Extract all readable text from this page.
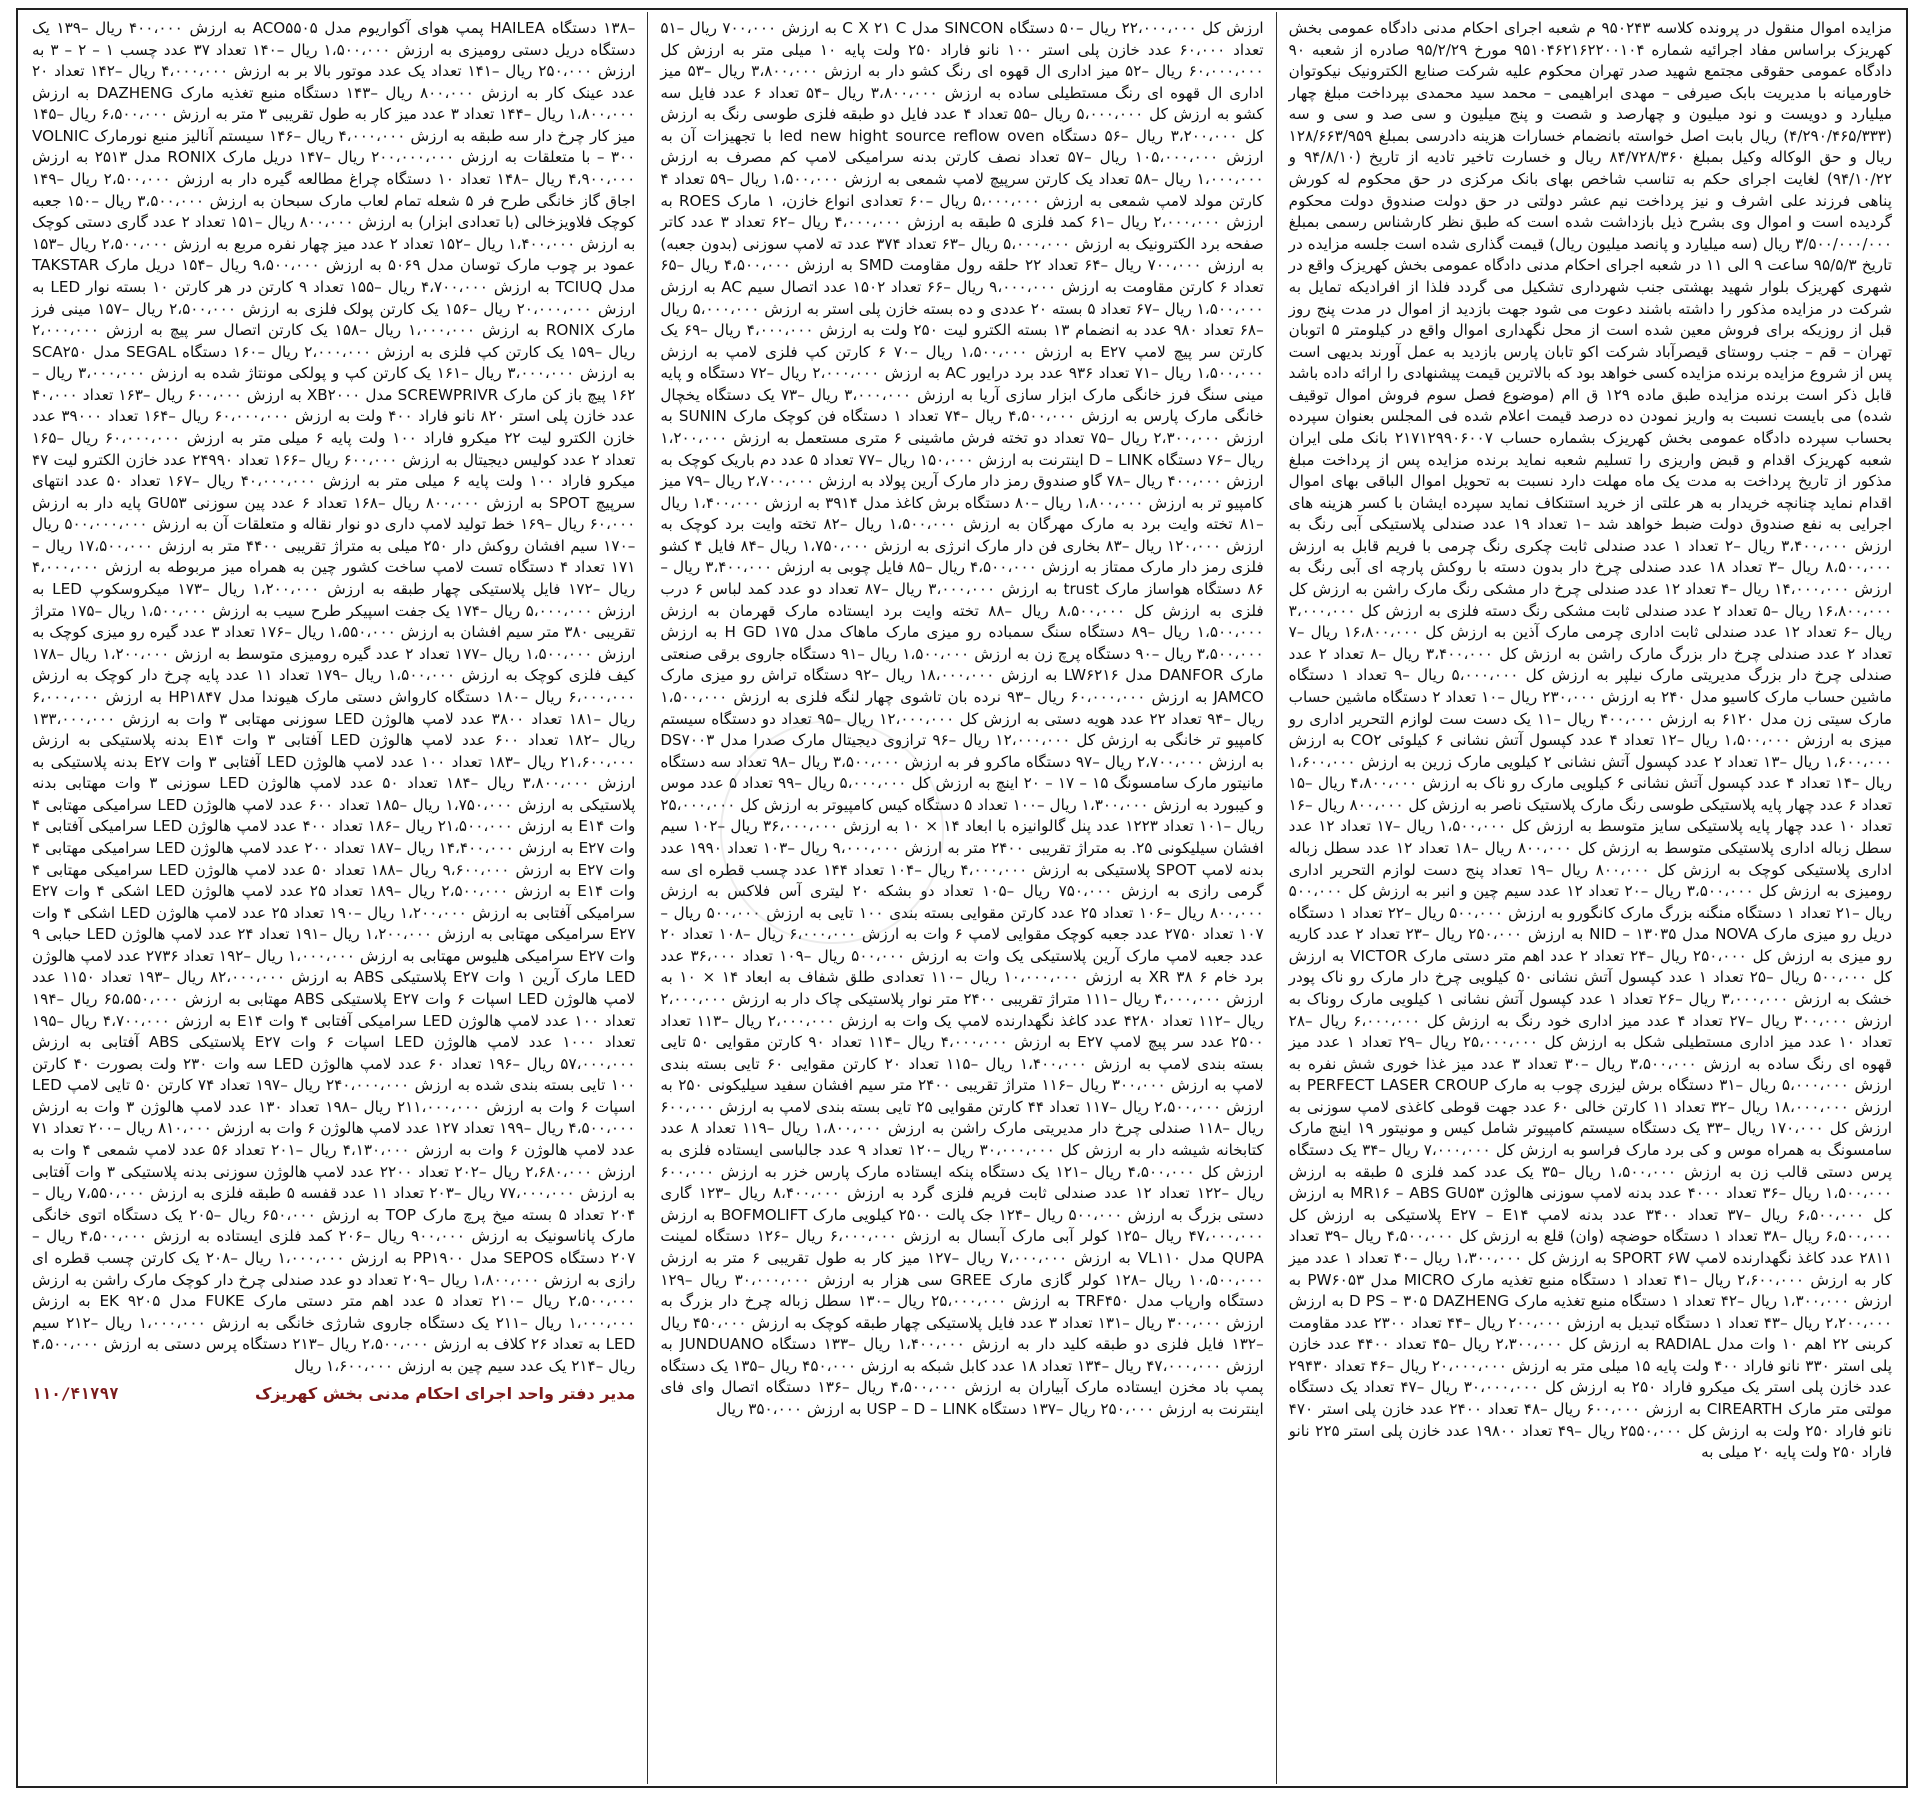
مزایده اموال منقول در پرونده کلاسه ۹۵۰۲۴۳ م شعبه اجرای احکام مدنی دادگاه عمومی بخش کهریزک براساس مفاد اجرائیه شماره ۹۵۱۰۴۶۲۱۶۲۲۰۰۱۰۴ مورخ ۹۵/۲/۲۹ صادره از شعبه ۹۰ دادگاه عمومی حقوقی مجتمع شهید صدر تهران محکوم علیه شرکت صنایع الکترونیک نیکوتوان خاورمیانه با مدیریت بابک صیرفی – مهدی ابراهیمی – محمد سید محمدی بپرداخت مبلغ چهار میلیارد و دویست و نود میلیون و چهارصد و شصت و پنج میلیون و سی صد و سی و سه (۴/۲۹۰/۴۶۵/۳۳۳) ریال بابت اصل خواسته بانضمام خسارات هزینه دادرسی بمبلغ ۱۲۸/۶۶۳/۹۵۹ ریال و حق الوکاله وکیل بمبلغ ۸۴/۷۲۸/۳۶۰ ریال و خسارت تاخیر تادیه از تاریخ (۹۴/۸/۱۰ و ۹۴/۱۰/۲۲) لغایت اجرای حکم به تناسب شاخص بهای بانک مرکزی در حق محکوم له کورش پناهی فرزند علی اشرف و نیز پرداخت نیم عشر دولتی در حق دولت صندوق دولت محکوم گردیده است و اموال وی بشرح ذیل بازداشت شده است که طبق نظر کارشناس رسمی بمبلغ ۳/۵۰۰/۰۰۰/۰۰۰ ریال (سه میلیارد و پانصد میلیون ریال) قیمت گذاری شده است جلسه مزایده در تاریخ ۹۵/۵/۳ ساعت ۹ الی ۱۱ در شعبه اجرای احکام مدنی دادگاه عمومی بخش کهریزک واقع در شهری کهریزک بلوار شهید بهشتی جنب شهرداری تشکیل می گردد فلذا از افرادیکه تمایل به شرکت در مزایده مذکور را داشته باشند دعوت می شود جهت بازدید از اموال در مدت پنج روز قبل از روزیکه برای فروش معین شده است از محل نگهداری اموال واقع در کیلومتر ۵ اتوبان تهران – قم – جنب روستای قیصرآباد شرکت اکو تابان پارس بازدید به عمل آورند بدیهی است پس از شروع مزایده برنده مزایده کسی خواهد بود که بالاترین قیمت پیشنهادی را ارائه داده باشد قابل ذکر است برنده مزایده طبق ماده ۱۲۹ ق اام (موضوع فصل سوم فروش اموال توقیف شده) می بایست نسبت به واریز نمودن ده درصد قیمت اعلام شده فی المجلس بعنوان سپرده بحساب سپرده دادگاه عمومی بخش کهریزک بشماره حساب ۲۱۷۱۲۹۹۰۶۰۰۷ بانک ملی ایران شعبه کهریزک اقدام و قبض واریزی را تسلیم شعبه نماید برنده مزایده پس از پرداخت مبلغ مذکور از تاریخ پرداخت به مدت یک ماه مهلت دارد نسبت به تحویل اموال الباقی بهای اموال اقدام نماید چنانچه خریدار به هر علتی از خرید استنکاف نماید سپرده ایشان با کسر هزینه های اجرایی به نفع صندوق دولت ضبط خواهد شد –۱ تعداد ۱۹ عدد صندلی پلاستیکی آبی رنگ به ارزش ۳،۴۰۰،۰۰۰ ریال –۲ تعداد ۱ عدد صندلی ثابت چکری رنگ چرمی با فریم قابل به ارزش ۸،۵۰۰،۰۰۰ ریال –۳ تعداد ۱۸ عدد صندلی چرخ دار بدون دسته با روکش پارچه ای آبی رنگ به ارزش ۱۴،۰۰۰،۰۰۰ ریال –۴ تعداد ۱۲ عدد صندلی چرخ دار مشکی رنگ مارک راشن به ارزش کل ۱۶،۸۰۰،۰۰۰ ریال –۵ تعداد ۲ عدد صندلی ثابت مشکی رنگ دسته فلزی به ارزش کل ۳،۰۰۰،۰۰۰ ریال –۶ تعداد ۱۲ عدد صندلی ثابت اداری چرمی مارک آذین به ارزش کل ۱۶،۸۰۰،۰۰۰ ریال –۷ تعداد ۲ عدد صندلی چرخ دار بزرگ مارک راشن به ارزش کل ۳،۴۰۰،۰۰۰ ریال –۸ تعداد ۲ عدد صندلی چرخ دار بزرگ مدیریتی مارک نیلپر به ارزش کل ۵،۰۰۰،۰۰۰ ریال –۹ تعداد ۱ دستگاه ماشین حساب مارک کاسیو مدل ۲۴۰ به ارزش ۲۳۰،۰۰۰ ریال –۱۰ تعداد ۲ دستگاه ماشین حساب مارک سیتی زن مدل ۶۱۲۰ به ارزش ۴۰۰،۰۰۰ ریال –۱۱ یک دست ست لوازم التحریر اداری رو میزی به ارزش ۱،۵۰۰،۰۰۰ ریال –۱۲ تعداد ۴ عدد کپسول آتش نشانی ۶ کیلوئی CO۲ به ارزش ۱،۶۰۰،۰۰۰ ریال –۱۳ تعداد ۲ عدد کپسول آتش نشانی ۲ کیلویی مارک زرین به ارزش ۱،۶۰۰،۰۰۰ ریال –۱۴ تعداد ۴ عدد کپسول آتش نشانی ۶ کیلویی مارک رو ناک به ارزش ۴،۸۰۰،۰۰۰ ریال –۱۵ تعداد ۶ عدد چهار پایه پلاستیکی طوسی رنگ مارک پلاستیک ناصر به ارزش کل ۸۰۰،۰۰۰ ریال –۱۶ تعداد ۱۰ عدد چهار پایه پلاستیکی سایز متوسط به ارزش کل ۱،۵۰۰،۰۰۰ ریال –۱۷ تعداد ۱۲ عدد سطل زباله اداری پلاستیکی متوسط به ارزش کل ۸۰۰،۰۰۰ ریال –۱۸ تعداد ۱۲ عدد سطل زباله اداری پلاستیکی کوچک به ارزش کل ۸۰۰،۰۰۰ ریال –۱۹ تعداد پنج دست لوازم التحریر اداری رومیزی به ارزش کل ۳،۵۰۰،۰۰۰ ریال –۲۰ تعداد ۱۲ عدد سیم چین و انبر به ارزش کل ۵۰۰،۰۰۰ ریال –۲۱ تعداد ۱ دستگاه منگنه بزرگ مارک کانگورو به ارزش ۵۰۰،۰۰۰ ریال –۲۲ تعداد ۱ دستگاه دریل رو میزی مارک NOVA مدل NID – ۱۳۰۳۵ به ارزش ۲۵۰،۰۰۰ ریال –۲۳ تعداد ۲ عدد کاریه رو میزی به ارزش کل ۲۵۰،۰۰۰ ریال –۲۴ تعداد ۲ عدد اهم متر دستی مارک VICTOR به ارزش کل ۵۰۰،۰۰۰ ریال –۲۵ تعداد ۱ عدد کپسول آتش نشانی ۵۰ کیلویی چرخ دار مارک رو ناک پودر خشک به ارزش ۳،۰۰۰،۰۰۰ ریال –۲۶ تعداد ۱ عدد کپسول آتش نشانی ۱ کیلویی مارک روناک به ارزش ۳۰۰،۰۰۰ ریال –۲۷ تعداد ۴ عدد میز اداری خود رنگ به ارزش کل ۶،۰۰۰،۰۰۰ ریال –۲۸ تعداد ۱۰ عدد میز اداری مستطیلی شکل به ارزش کل ۲۵،۰۰۰،۰۰۰ ریال –۲۹ تعداد ۱ عدد میز قهوه ای رنگ ساده به ارزش ۳،۵۰۰،۰۰۰ ریال –۳۰ تعداد ۳ عدد میز غذا خوری شش نفره به ارزش ۵،۰۰۰،۰۰۰ ریال –۳۱ دستگاه برش لیزری چوب به مارک PERFECT LASER CROUP به ارزش ۱۸،۰۰۰،۰۰۰ ریال –۳۲ تعداد ۱۱ کارتن خالی ۶۰ عدد جهت قوطی کاغذی لامپ سوزنی به ارزش کل ۱۷۰،۰۰۰ ریال –۳۳ یک دستگاه سیستم کامپیوتر شامل کیس و مونیتور ۱۹ اینچ مارک سامسونگ به همراه موس و کی برد مارک فراسو به ارزش کل ۷،۰۰۰،۰۰۰ ریال –۳۴ یک دستگاه پرس دستی قالب زن به ارزش ۱،۵۰۰،۰۰۰ ریال –۳۵ یک عدد کمد فلزی ۵ طبقه به ارزش ۱،۵۰۰،۰۰۰ ریال –۳۶ تعداد ۴۰۰۰ عدد بدنه لامپ سوزنی هالوژن MR۱۶ – ABS GU۵۳ به ارزش کل ۶،۵۰۰،۰۰۰ ریال –۳۷ تعداد ۳۴۰۰ عدد بدنه لامپ E۲۷ – E۱۴ پلاستیکی به ارزش کل ۶،۵۰۰،۰۰۰ ریال –۳۸ تعداد ۱ دستگاه حوضچه (وان) قلع به ارزش کل ۴،۵۰۰،۰۰۰ ریال –۳۹ تعداد ۲۸۱۱ عدد کاغذ نگهدارنده لامپ SPORT ۶W به ارزش کل ۱،۳۰۰،۰۰۰ ریال –۴۰ تعداد ۱ عدد میز کار به ارزش ۲،۶۰۰،۰۰۰ ریال –۴۱ تعداد ۱ دستگاه منبع تغذیه مارک MICRO مدل PW۶۰۵۳ به ارزش ۱،۳۰۰،۰۰۰ ریال –۴۲ تعداد ۱ دستگاه منبع تغذیه مارک D PS – ۳۰۵ DAZHENG به ارزش ۲،۲۰۰،۰۰۰ ریال –۴۳ تعداد ۱ دستگاه تبدیل به ارزش ۲۰۰،۰۰۰ ریال –۴۴ تعداد ۲۳۰۰ عدد مقاومت کربنی ۲۲ اهم ۱۰ وات مدل RADIAL به ارزش کل ۲،۳۰۰،۰۰۰ ریال –۴۵ تعداد ۴۴۰۰ عدد خازن پلی استر ۳۳۰ نانو فاراد ۴۰۰ ولت پایه ۱۵ میلی متر به ارزش ۲۰،۰۰۰،۰۰۰ ریال –۴۶ تعداد ۲۹۴۳۰ عدد خازن پلی استر یک میکرو فاراد ۲۵۰ به ارزش کل ۳۰،۰۰۰،۰۰۰ ریال –۴۷ تعداد یک دستگاه مولتی متر مارک CIREARTH به ارزش ۶۰۰،۰۰۰ ریال –۴۸ تعداد ۲۴۰۰ عدد خازن پلی استر ۴۷۰ نانو فاراد ۲۵۰ ولت به ارزش کل ۲۵۵۰،۰۰۰ ریال –۴۹ تعداد ۱۹۸۰۰ عدد خازن پلی استر ۲۲۵ نانو فاراد ۲۵۰ ولت پایه ۲۰ میلی به

ارزش کل ۲۲،۰۰۰،۰۰۰ ریال –۵۰ دستگاه SINCON مدل C X ۲۱ C به ارزش ۷۰۰،۰۰۰ ریال –۵۱ تعداد ۶۰،۰۰۰ عدد خازن پلی استر ۱۰۰ نانو فاراد ۲۵۰ ولت پایه ۱۰ میلی متر به ارزش کل ۶۰،۰۰۰،۰۰۰ ریال –۵۲ میز اداری ال قهوه ای رنگ کشو دار به ارزش ۳،۸۰۰،۰۰۰ ریال –۵۳ میز اداری ال قهوه ای رنگ مستطیلی ساده به ارزش ۳،۸۰۰،۰۰۰ ریال –۵۴ تعداد ۶ عدد فایل سه کشو به ارزش کل ۵،۰۰۰،۰۰۰ ریال –۵۵ تعداد ۴ عدد فایل دو طبقه فلزی طوسی رنگ به ارزش کل ۳،۲۰۰،۰۰۰ ریال –۵۶ دستگاه led new hight source reflow oven با تجهیزات آن به ارزش ۱۰۵،۰۰۰،۰۰۰ ریال –۵۷ تعداد نصف کارتن بدنه سرامیکی لامپ کم مصرف به ارزش ۱،۰۰۰،۰۰۰ ریال –۵۸ تعداد یک کارتن سرپیچ لامپ شمعی به ارزش ۱،۵۰۰،۰۰۰ ریال –۵۹ تعداد ۴ کارتن مولد لامپ شمعی به ارزش ۵،۰۰۰،۰۰۰ ریال –۶۰ تعدادی انواع خازن، ۱ مارک ROES به ارزش ۲،۰۰۰،۰۰۰ ریال –۶۱ کمد فلزی ۵ طبقه به ارزش ۴،۰۰۰،۰۰۰ ریال –۶۲ تعداد ۳ عدد کاتر صفحه برد الکترونیک به ارزش ۵،۰۰۰،۰۰۰ ریال –۶۳ تعداد ۳۷۴ عدد ته لامپ سوزنی (بدون جعبه) به ارزش ۷۰۰،۰۰۰ ریال –۶۴ تعداد ۲۲ حلقه رول مقاومت SMD به ارزش ۴،۵۰۰،۰۰۰ ریال –۶۵ تعداد ۶ کارتن مقاومت به ارزش ۹،۰۰۰،۰۰۰ ریال –۶۶ تعداد ۱۵۰۲ عدد اتصال سیم AC به ارزش ۱،۵۰۰،۰۰۰ ریال –۶۷ تعداد ۵ بسته ۲۰ عددی و ده بسته خازن پلی استر به ارزش ۵،۰۰۰،۰۰۰ ریال –۶۸ تعداد ۹۸۰ عدد به انضمام ۱۳ بسته الکترو لیت ۲۵۰ ولت به ارزش ۴،۰۰۰،۰۰۰ ریال –۶۹ یک کارتن سر پیچ لامپ E۲۷ به ارزش ۱،۵۰۰،۰۰۰ ریال –۷۰ ۶ کارتن کپ فلزی لامپ به ارزش ۱،۵۰۰،۰۰۰ ریال –۷۱ تعداد ۹۳۶ عدد برد درایور AC به ارزش ۲،۰۰۰،۰۰۰ ریال –۷۲ دستگاه و پایه مینی سنگ فرز خانگی مارک ابزار سازی آریا به ارزش ۳،۰۰۰،۰۰۰ ریال –۷۳ یک دستگاه یخچال خانگی مارک پارس به ارزش ۴،۵۰۰،۰۰۰ ریال –۷۴ تعداد ۱ دستگاه فن کوچک مارک SUNIN به ارزش ۲،۳۰۰،۰۰۰ ریال –۷۵ تعداد دو تخته فرش ماشینی ۶ متری مستعمل به ارزش ۱،۲۰۰،۰۰۰ ریال –۷۶ دستگاه D – LINK اینترنت به ارزش ۱۵۰،۰۰۰ ریال –۷۷ تعداد ۵ عدد دم باریک کوچک به ارزش ۴۰۰،۰۰۰ ریال –۷۸ گاو صندوق رمز دار مارک آرین پولاد به ارزش ۲،۷۰۰،۰۰۰ ریال –۷۹ میز کامپیو تر به ارزش ۱،۸۰۰،۰۰۰ ریال –۸۰ دستگاه برش کاغذ مدل ۳۹۱۴ به ارزش ۱،۴۰۰،۰۰۰ ریال –۸۱ تخته وایت برد به مارک مهرگان به ارزش ۱،۵۰۰،۰۰۰ ریال –۸۲ تخته وایت برد کوچک به ارزش ۱۲۰،۰۰۰ ریال –۸۳ بخاری فن دار مارک انرژی به ارزش ۱،۷۵۰،۰۰۰ ریال –۸۴ فایل ۴ کشو فلزی رمز دار مارک ممتاز به ارزش ۴،۵۰۰،۰۰۰ ریال –۸۵ فایل چوبی به ارزش ۳،۴۰۰،۰۰۰ ریال –۸۶ دستگاه هواساز مارک trust به ارزش ۳،۰۰۰،۰۰۰ ریال –۸۷ تعداد دو عدد کمد لباس ۶ درب فلزی به ارزش کل ۸،۵۰۰،۰۰۰ ریال –۸۸ تخته وایت برد ایستاده مارک قهرمان به ارزش ۱،۵۰۰،۰۰۰ ریال –۸۹ دستگاه سنگ سمباده رو میزی مارک ماهاک مدل H GD ۱۷۵ به ارزش ۳،۵۰۰،۰۰۰ ریال –۹۰ دستگاه پرچ زن به ارزش ۱،۵۰۰،۰۰۰ ریال –۹۱ دستگاه جاروی برقی صنعتی مارک DANFOR مدل LW۶۲۱۶ به ارزش ۱۸،۰۰۰،۰۰۰ ریال –۹۲ دستگاه تراش رو میزی مارک JAMCO به ارزش ۶۰،۰۰۰،۰۰۰ ریال –۹۳ نرده بان تاشوی چهار لنگه فلزی به ارزش ۱،۵۰۰،۰۰۰ ریال –۹۴ تعداد ۲۲ عدد هویه دستی به ارزش کل ۱۲،۰۰۰،۰۰۰ ریال –۹۵ تعداد دو دستگاه سیستم کامپیو تر خانگی به ارزش کل ۱۲،۰۰۰،۰۰۰ ریال –۹۶ ترازوی دیجیتال مارک صدرا مدل DS۷۰۰۳ به ارزش ۲،۷۰۰،۰۰۰ ریال –۹۷ دستگاه ماکرو فر به ارزش ۳،۵۰۰،۰۰۰ ریال –۹۸ تعداد سه دستگاه مانیتور مارک سامسونگ ۱۵ – ۱۷ – ۲۰ اینچ به ارزش کل ۵،۰۰۰،۰۰۰ ریال –۹۹ تعداد ۵ عدد موس و کیبورد به ارزش ۱،۳۰۰،۰۰۰ ریال –۱۰۰ تعداد ۵ دستگاه کیس کامپیوتر به ارزش کل ۲۵،۰۰۰،۰۰۰ ریال –۱۰۱ تعداد ۱۲۲۳ عدد پنل گالوانیزه با ابعاد ۱۴ × ۱۰ به ارزش ۳۶،۰۰۰،۰۰۰ ریال –۱۰۲ سیم افشان سیلیکونی ۲۵. به متراژ تقریبی ۲۴۰۰ متر به ارزش ۹،۰۰۰،۰۰۰ ریال –۱۰۳ تعداد ۱۹۹۰ عدد بدنه لامپ SPOT پلاستیکی به ارزش ۴،۰۰۰،۰۰۰ ریال –۱۰۴ تعداد ۱۴۴ عدد چسب قطره ای سه گرمی رازی به ارزش ۷۵۰،۰۰۰ ریال –۱۰۵ تعداد دو بشکه ۲۰ لیتری آس فلاکس به ارزش ۸۰۰،۰۰۰ ریال –۱۰۶ تعداد ۲۵ عدد کارتن مقوایی بسته بندی ۱۰۰ تایی به ارزش ۵۰۰،۰۰۰ ریال –۱۰۷ تعداد ۲۷۵۰ عدد جعبه کوچک مقوایی لامپ ۶ وات به ارزش ۶،۰۰۰،۰۰۰ ریال –۱۰۸ تعداد ۲۰ عدد جعبه لامپ مارک آرین پلاستیکی یک وات به ارزش ۵۰۰،۰۰۰ ریال –۱۰۹ تعداد ۳۶،۰۰۰ عدد برد خام ۶ XR ۳۸ به ارزش ۱۰،۰۰۰،۰۰۰ ریال –۱۱۰ تعدادی طلق شفاف به ابعاد ۱۴ × ۱۰ به ارزش ۴،۰۰۰،۰۰۰ ریال –۱۱۱ متراژ تقریبی ۲۴۰۰ متر نوار پلاستیکی چاک دار به ارزش ۲،۰۰۰،۰۰۰ ریال –۱۱۲ تعداد ۴۲۸۰ عدد کاغذ نگهدارنده لامپ یک وات به ارزش ۲،۰۰۰،۰۰۰ ریال –۱۱۳ تعداد ۲۵۰۰ عدد سر پیچ لامپ E۲۷ به ارزش ۴،۰۰۰،۰۰۰ ریال –۱۱۴ تعداد ۹۰ کارتن مقوایی ۵۰ تایی بسته بندی لامپ به ارزش ۱،۴۰۰،۰۰۰ ریال –۱۱۵ تعداد ۲۰ کارتن مقوایی ۶۰ تایی بسته بندی لامپ به ارزش ۳۰۰،۰۰۰ ریال –۱۱۶ متراژ تقریبی ۲۴۰۰ متر سیم افشان سفید سیلیکونی ۲۵۰ به ارزش ۲،۵۰۰،۰۰۰ ریال –۱۱۷ تعداد ۴۴ کارتن مقوایی ۲۵ تایی بسته بندی لامپ به ارزش ۶۰۰،۰۰۰ ریال –۱۱۸ صندلی چرخ دار مدیریتی مارک راشن به ارزش ۱،۸۰۰،۰۰۰ ریال –۱۱۹ تعداد ۸ عدد کتابخانه شیشه دار به ارزش کل ۳۰،۰۰۰،۰۰۰ ریال –۱۲۰ تعداد ۹ عدد جالباسی ایستاده فلزی به ارزش کل ۴،۵۰۰،۰۰۰ ریال –۱۲۱ یک دستگاه پنکه ایستاده مارک پارس خزر به ارزش ۶۰۰،۰۰۰ ریال –۱۲۲ تعداد ۱۲ عدد صندلی ثابت فریم فلزی گرد به ارزش ۸،۴۰۰،۰۰۰ ریال –۱۲۳ گاری دستی بزرگ به ارزش ۵۰۰،۰۰۰ ریال –۱۲۴ جک پالت ۲۵۰۰ کیلویی مارک BOFMOLIFT به ارزش ۴۷،۰۰۰،۰۰۰ ریال –۱۲۵ کولر آبی مارک آبسال به ارزش ۶،۰۰۰،۰۰۰ ریال –۱۲۶ دستگاه لمینت QUPA مدل VL۱۱۰ به ارزش ۷،۰۰۰،۰۰۰ ریال –۱۲۷ میز کار به طول تقریبی ۶ متر به ارزش ۱۰،۵۰۰،۰۰۰ ریال –۱۲۸ کولر گازی مارک GREE سی هزار به ارزش ۳۰،۰۰۰،۰۰۰ ریال –۱۲۹ دستگاه وارپاب مدل TRF۴۵۰ به ارزش ۲۵،۰۰۰،۰۰۰ ریال –۱۳۰ سطل زباله چرخ دار بزرگ به ارزش ۳۰۰،۰۰۰ ریال –۱۳۱ تعداد ۳ عدد فایل پلاستیکی چهار طبقه کوچک به ارزش ۴۵۰،۰۰۰ ریال –۱۳۲ فایل فلزی دو طبقه کلید دار به ارزش ۱،۴۰۰،۰۰۰ ریال –۱۳۳ دستگاه JUNDUANO به ارزش ۴۷،۰۰۰،۰۰۰ ریال –۱۳۴ تعداد ۱۸ عدد کابل شبکه به ارزش ۴۵۰،۰۰۰ ریال –۱۳۵ یک دستگاه پمپ باد مخزن ایستاده مارک آبیاران به ارزش ۴،۵۰۰،۰۰۰ ریال –۱۳۶ دستگاه اتصال وای فای اینترنت به ارزش ۲۵۰،۰۰۰ ریال –۱۳۷ دستگاه USP – D – LINK به ارزش ۳۵۰،۰۰۰ ریال

–۱۳۸ دستگاه HAILEA پمپ هوای آکواریوم مدل ACO۵۵۰۵ به ارزش ۴۰۰،۰۰۰ ریال –۱۳۹ یک دستگاه دریل دستی رومیزی به ارزش ۱،۵۰۰،۰۰۰ ریال –۱۴۰ تعداد ۳۷ عدد چسب ۱ – ۲ – ۳ به ارزش ۲۵۰،۰۰۰ ریال –۱۴۱ تعداد یک عدد موتور بالا بر به ارزش ۴،۰۰۰،۰۰۰ ریال –۱۴۲ تعداد ۲۰ عدد عینک کار به ارزش ۸۰۰،۰۰۰ ریال –۱۴۳ دستگاه منبع تغذیه مارک DAZHENG به ارزش ۱،۸۰۰،۰۰۰ ریال –۱۴۴ تعداد ۳ عدد میز کار به طول تقریبی ۳ متر به ارزش ۶،۵۰۰،۰۰۰ ریال –۱۴۵ میز کار چرخ دار سه طبقه به ارزش ۴،۰۰۰،۰۰۰ ریال –۱۴۶ سیستم آنالیز منبع نورمارک VOLNIC – ۳۰۰ با متعلقات به ارزش ۲۰۰،۰۰۰،۰۰۰ ریال –۱۴۷ دریل مارک RONIX مدل ۲۵۱۳ به ارزش ۴،۹۰۰،۰۰۰ ریال –۱۴۸ تعداد ۱۰ دستگاه چراغ مطالعه گیره دار به ارزش ۲،۵۰۰،۰۰۰ ریال –۱۴۹ اجاق گاز خانگی طرح فر ۵ شعله تمام لعاب مارک سبحان به ارزش ۳،۵۰۰،۰۰۰ ریال –۱۵۰ جعبه کوچک فلاویزخالی (با تعدادی ابزار) به ارزش ۸۰۰،۰۰۰ ریال –۱۵۱ تعداد ۲ عدد گاری دستی کوچک به ارزش ۱،۴۰۰،۰۰۰ ریال –۱۵۲ تعداد ۲ عدد میز چهار نفره مربع به ارزش ۲،۵۰۰،۰۰۰ ریال –۱۵۳ عمود بر چوب مارک توسان مدل ۵۰۶۹ به ارزش ۹،۵۰۰،۰۰۰ ریال –۱۵۴ دریل مارک TAKSTAR مدل TCIUQ به ارزش ۴،۷۰۰،۰۰۰ ریال –۱۵۵ تعداد ۹ کارتن در هر کارتن ۱۰ بسته نوار LED به ارزش ۲۰،۰۰۰،۰۰۰ ریال –۱۵۶ یک کارتن پولک فلزی به ارزش ۲،۵۰۰،۰۰۰ ریال –۱۵۷ مینی فرز مارک RONIX به ارزش ۱،۰۰۰،۰۰۰ ریال –۱۵۸ یک کارتن اتصال سر پیچ به ارزش ۲،۰۰۰،۰۰۰ ریال –۱۵۹ یک کارتن کپ فلزی به ارزش ۲،۰۰۰،۰۰۰ ریال –۱۶۰ دستگاه SEGAL مدل SCA۲۵۰ به ارزش ۳،۰۰۰،۰۰۰ ریال –۱۶۱ یک کارتن کپ و پولکی مونتاژ شده به ارزش ۳،۰۰۰،۰۰۰ ریال –۱۶۲ پیچ باز کن مارک SCREWPRIVR مدل XB۲۰۰۰ به ارزش ۶۰۰،۰۰۰ ریال –۱۶۳ تعداد ۴۰،۰۰۰ عدد خازن پلی استر ۸۲۰ نانو فاراد ۴۰۰ ولت به ارزش ۶۰،۰۰۰،۰۰۰ ریال –۱۶۴ تعداد ۳۹۰۰۰ عدد خازن الکترو لیت ۲۲ میکرو فاراد ۱۰۰ ولت پایه ۶ میلی متر به ارزش ۶۰،۰۰۰،۰۰۰ ریال –۱۶۵ تعداد ۲ عدد کولیس دیجیتال به ارزش ۶۰۰،۰۰۰ ریال –۱۶۶ تعداد ۲۴۹۹۰ عدد خازن الکترو لیت ۴۷ میکرو فاراد ۱۰۰ ولت پایه ۶ میلی متر به ارزش ۴۰،۰۰۰،۰۰۰ ریال –۱۶۷ تعداد ۵۰ عدد انتهای سرپیچ SPOT به ارزش ۸۰۰،۰۰۰ ریال –۱۶۸ تعداد ۶ عدد پین سوزنی GU۵۳ پایه دار به ارزش ۶۰،۰۰۰ ریال –۱۶۹ خط تولید لامپ داری دو نوار نقاله و متعلقات آن به ارزش ۵۰۰،۰۰۰،۰۰۰ ریال –۱۷۰ سیم افشان روکش دار ۲۵۰ میلی به متراژ تقریبی ۴۴۰۰ متر به ارزش ۱۷،۵۰۰،۰۰۰ ریال –۱۷۱ تعداد ۴ دستگاه تست لامپ ساخت کشور چین به همراه میز مربوطه به ارزش ۴،۰۰۰،۰۰۰ ریال –۱۷۲ فایل پلاستیکی چهار طبقه به ارزش ۱،۲۰۰،۰۰۰ ریال –۱۷۳ میکروسکوپ LED به ارزش ۵،۰۰۰،۰۰۰ ریال –۱۷۴ یک جفت اسپیکر طرح سیب به ارزش ۱،۵۰۰،۰۰۰ ریال –۱۷۵ متراژ تقریبی ۳۸۰ متر سیم افشان به ارزش ۱،۵۵۰،۰۰۰ ریال –۱۷۶ تعداد ۳ عدد گیره رو میزی کوچک به ارزش ۱،۵۰۰،۰۰۰ ریال –۱۷۷ تعداد ۲ عدد گیره رومیزی متوسط به ارزش ۱،۲۰۰،۰۰۰ ریال –۱۷۸ کیف فلزی کوچک به ارزش ۱،۵۰۰،۰۰۰ ریال –۱۷۹ تعداد ۱۱ عدد پایه چرخ دار کوچک به ارزش ۶،۰۰۰،۰۰۰ ریال –۱۸۰ دستگاه کارواش دستی مارک هیوندا مدل HP۱۸۴۷ به ارزش ۶،۰۰۰،۰۰۰ ریال –۱۸۱ تعداد ۳۸۰۰ عدد لامپ هالوژن LED سوزنی مهتابی ۳ وات به ارزش ۱۳۳،۰۰۰،۰۰۰ ریال –۱۸۲ تعداد ۶۰۰ عدد لامپ هالوژن LED آفتابی ۳ وات E۱۴ بدنه پلاستیکی به ارزش ۲۱،۶۰۰،۰۰۰ ریال –۱۸۳ تعداد ۱۰۰ عدد لامپ هالوژن LED آفتابی ۳ وات E۲۷ بدنه پلاستیکی به ارزش ۳،۸۰۰،۰۰۰ ریال –۱۸۴ تعداد ۵۰ عدد لامپ هالوژن LED سوزنی ۳ وات مهتابی بدنه پلاستیکی به ارزش ۱،۷۵۰،۰۰۰ ریال –۱۸۵ تعداد ۶۰۰ عدد لامپ هالوژن LED سرامیکی مهتابی ۴ وات E۱۴ به ارزش ۲۱،۵۰۰،۰۰۰ ریال –۱۸۶ تعداد ۴۰۰ عدد لامپ هالوژن LED سرامیکی آفتابی ۴ وات E۲۷ به ارزش ۱۴،۴۰۰،۰۰۰ ریال –۱۸۷ تعداد ۲۰۰ عدد لامپ هالوژن LED سرامیکی مهتابی ۴ وات E۲۷ به ارزش ۹،۶۰۰،۰۰۰ ریال –۱۸۸ تعداد ۵۰ عدد لامپ هالوژن LED سرامیکی مهتابی ۴ وات E۱۴ به ارزش ۲،۵۰۰،۰۰۰ ریال –۱۸۹ تعداد ۲۵ عدد لامپ هالوژن LED اشکی ۴ وات E۲۷ سرامیکی آفتابی به ارزش ۱،۲۰۰،۰۰۰ ریال –۱۹۰ تعداد ۲۵ عدد لامپ هالوژن LED اشکی ۴ وات E۲۷ سرامیکی مهتابی به ارزش ۱،۲۰۰،۰۰۰ ریال –۱۹۱ تعداد ۲۴ عدد لامپ هالوژن LED حبابی ۹ وات E۲۷ سرامیکی هلیوس مهتابی به ارزش ۱،۰۰۰،۰۰۰ ریال –۱۹۲ تعداد ۲۷۳۶ عدد لامپ هالوژن LED مارک آرین ۱ وات E۲۷ پلاستیکی ABS به ارزش ۸۲،۰۰۰،۰۰۰ ریال –۱۹۳ تعداد ۱۱۵۰ عدد لامپ هالوژن LED اسپات ۶ وات E۲۷ پلاستیکی ABS مهتابی به ارزش ۶۵،۵۵۰،۰۰۰ ریال –۱۹۴ تعداد ۱۰۰ عدد لامپ هالوژن LED سرامیکی آفتابی ۴ وات E۱۴ به ارزش ۴،۷۰۰،۰۰۰ ریال –۱۹۵ تعداد ۱۰۰۰ عدد لامپ هالوژن LED اسپات ۶ وات E۲۷ پلاستیکی ABS آفتابی به ارزش ۵۷،۰۰۰،۰۰۰ ریال –۱۹۶ تعداد ۶۰ عدد لامپ هالوژن LED سه وات ۲۳۰ ولت بصورت ۴۰ کارتن ۱۰۰ تایی بسته بندی شده به ارزش ۲۴۰،۰۰۰،۰۰۰ ریال –۱۹۷ تعداد ۷۴ کارتن ۵۰ تایی لامپ LED اسپات ۶ وات به ارزش ۲۱۱،۰۰۰،۰۰۰ ریال –۱۹۸ تعداد ۱۳۰ عدد لامپ هالوژن ۳ وات به ارزش ۴،۵۰۰،۰۰۰ ریال –۱۹۹ تعداد ۱۲۷ عدد لامپ هالوژن ۶ وات به ارزش ۸۱۰،۰۰۰ ریال –۲۰۰ تعداد ۷۱ عدد لامپ هالوژن ۶ وات به ارزش ۴،۱۳۰،۰۰۰ ریال –۲۰۱ تعداد ۵۶ عدد لامپ شمعی ۴ وات به ارزش ۲،۶۸۰،۰۰۰ ریال –۲۰۲ تعداد ۲۲۰۰ عدد لامپ هالوژن سوزنی بدنه پلاستیکی ۳ وات آفتابی به ارزش ۷۷،۰۰۰،۰۰۰ ریال –۲۰۳ تعداد ۱۱ عدد قفسه ۵ طبقه فلزی به ارزش ۷،۵۵۰،۰۰۰ ریال –۲۰۴ تعداد ۵ بسته میخ پرچ مارک TOP به ارزش ۶۵۰،۰۰۰ ریال –۲۰۵ یک دستگاه اتوی خانگی مارک پاناسونیک به ارزش ۹۰۰،۰۰۰ ریال –۲۰۶ کمد فلزی ایستاده به ارزش ۴،۵۰۰،۰۰۰ ریال –۲۰۷ دستگاه SEPOS مدل PP۱۹۰۰ به ارزش ۱،۰۰۰،۰۰۰ ریال –۲۰۸ یک کارتن چسب قطره ای رازی به ارزش ۱،۸۰۰،۰۰۰ ریال –۲۰۹ تعداد دو عدد صندلی چرخ دار کوچک مارک راشن به ارزش ۲،۵۰۰،۰۰۰ ریال –۲۱۰ تعداد ۵ عدد اهم متر دستی مارک FUKE مدل EK ۹۲۰۵ به ارزش ۱،۰۰۰،۰۰۰ ریال –۲۱۱ یک دستگاه جاروی شارژی خانگی به ارزش ۱،۰۰۰،۰۰۰ ریال –۲۱۲ سیم LED به تعداد ۲۶ کلاف به ارزش ۲،۵۰۰،۰۰۰ ریال –۲۱۳ دستگاه پرس دستی به ارزش ۴،۵۰۰،۰۰۰ ریال –۲۱۴ یک عدد سیم چین به ارزش ۱،۶۰۰،۰۰۰ ریال

مدیر دفتر واحد اجرای احکام مدنی بخش کهریزک
۱۱۰/۴۱۷۹۷
